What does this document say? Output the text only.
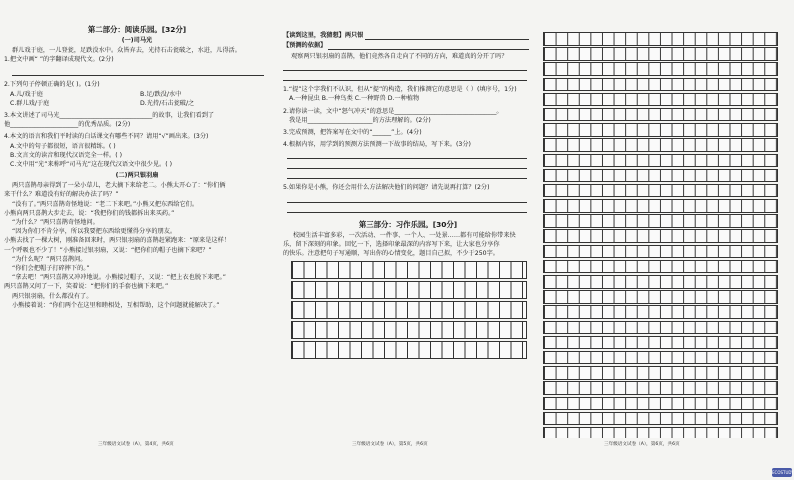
第二部分：阅读乐园。[32分]
(一)司马光
群儿戏于庭，一儿登瓮，足跌没水中。众皆弃去，光持石击瓮破之，水迸，儿得活。
1.把文中画“ ”的字翻译成现代文。(2分)
2.下列句子停顿正确的是( )。(1分)
A.儿/戏于庭	B.足/跌没/水中
C.群儿戏/于庭	D.光持/石击瓮破/之
3.本文讲述了司马光______________________________的故事，让我们看到了
他______________________的优秀品质。(2分)
4.本文的语言和我们平时读的白话课文有哪些不同？请用“√”画出来。(3分)
A.文中的句子都很短，语言很精练。( )
B.文言文的读音和现代汉语完全一样。( )
C.文中用“光”来称呼“司马光”这在现代汉语文中很少见。( )
(二)两只银羽扇
两只喜鹊母亲得到了一朵小草儿，老大摘下来给老二。小熊太开心了：“你们俩
来干什么？难道没有好的解决办法了吗？”
“没有了。”两只喜鹊奇怪地说：“老二下来吧。”小熊又把东西给它们。
小熊向两只喜鹊大步走去，说：“我把你们的钱都拆出来买药。”
“为什么？”两只喜鹊奇怪地问。
“因为你们不肯分享，所以我要把东西给更懂得分享的朋友。
小熊去找了一棵大树，刚准备回来时，两只银羽扇的喜鹊赶紧跑来：“原来是这样！
一个呼吸也不少了！”小熊接过银羽扇，又说：“把你们的帽子也摘下来吧？”
“为什么呢？”两只喜鹊问。
“你们会把帽子打碎摔下的。”
“拿去吧！”两只喜鹊又冲冲地说。小熊接过帽子，又说：“把上衣也脱下来吧。”
两只喜鹊又问了一下，笑着说：“把你们的手套也摘下来吧。”
两只银羽扇，什么都没有了。
小熊接着说：“你们两个在这里和睦相处，互相帮助，这个问题就能解决了。”
三年级语文试卷（A），第4页，共6页
【读到这里，我猜想】两只银
【预测的依据】
观察两只银羽扇的喜鹊，他们竟然各自走向了不同的方向，难道真的分开了吗？
1.“提”这个字我们不认识，但从“提”的构造，我们推测它的意思是（ ）(填序号，1分)
A.一种昆虫 B.一种鸟类 C.一种野兽 D.一种植物
2.请你读一读，文中“怒气冲天”的意思是_________________________________。
我是用_____________________的方法理解的。(2分)
3.完成预测，把答案写在文中的“______”上。(4分)
4.根据内容，用学到的预测方法预测一下故事的结局，写下来。(3分)
5.如果你是小熊，你还会用什么方法解决他们的问题？请先说再打算？(2分)
第三部分：习作乐园。[30分]
校园生活丰富多彩，一次活动、一件事、一个人、一处景……都有可能给你带来快
乐，留下深刻的印象。回忆一下，选择印象最深的内容写下来，让大家也分享你
的快乐。注意把句子写通顺，写出你的心情变化，题目自己拟，不少于250字。
三年级语文试卷（A），第5页，共6页	三年级语文试卷（A），第6页，共6页
ECOSTUDY
